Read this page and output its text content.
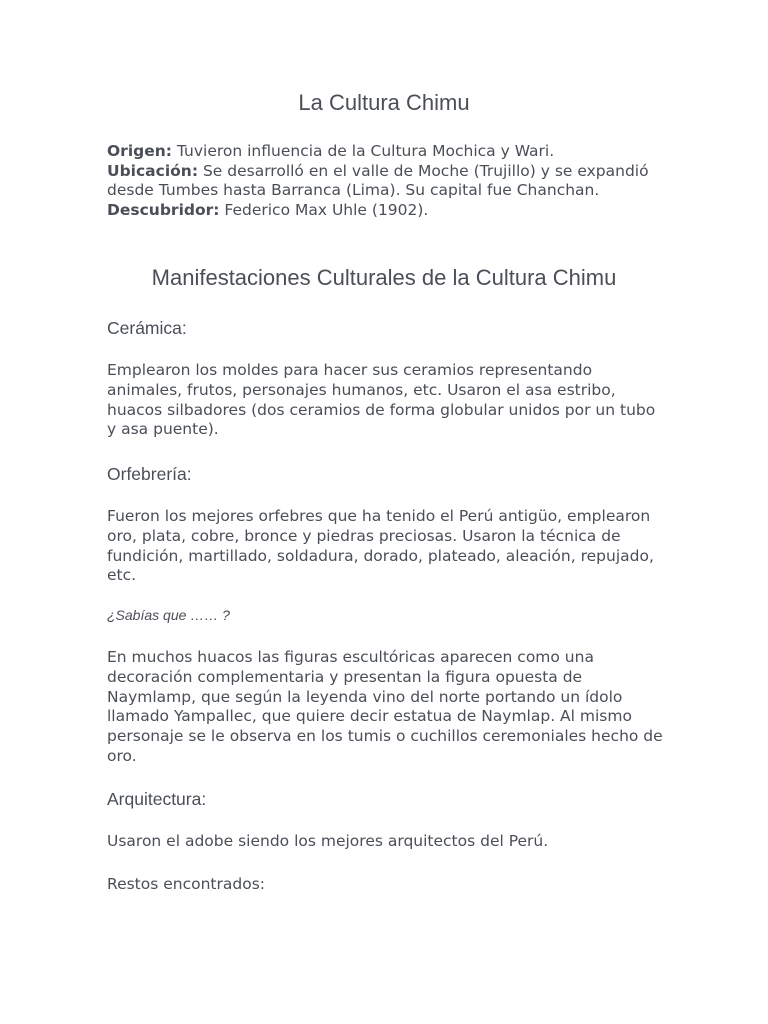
La Cultura Chimu

Origen: Tuvieron influencia de la Cultura Mochica y Wari.
Ubicación: Se desarrolló en el valle de Moche (Trujillo) y se expandió desde Tumbes hasta Barranca (Lima). Su capital fue Chanchan.
Descubridor: Federico Max Uhle (1902).

Manifestaciones Culturales de la Cultura Chimu
Cerámica:

Emplearon los moldes para hacer sus ceramios representando animales, frutos, personajes humanos, etc. Usaron el asa estribo, huacos silbadores (dos ceramios de forma globular unidos por un tubo y asa puente).

Orfebrería:

Fueron los mejores orfebres que ha tenido el Perú antigüo, emplearon oro, plata, cobre, bronce y piedras preciosas. Usaron la técnica de fundición, martillado, soldadura, dorado, plateado, aleación, repujado, etc.

¿Sabías que …… ?

En muchos huacos las figuras escultóricas aparecen como una decoración complementaria y presentan la figura opuesta de Naymlamp, que según la leyenda vino del norte portando un ídolo llamado Yampallec, que quiere decir estatua de Naymlap. Al mismo personaje se le observa en los tumis o cuchillos ceremoniales hecho de oro.

Arquitectura:

Usaron el adobe siendo los mejores arquitectos del Perú.

Restos encontrados:
